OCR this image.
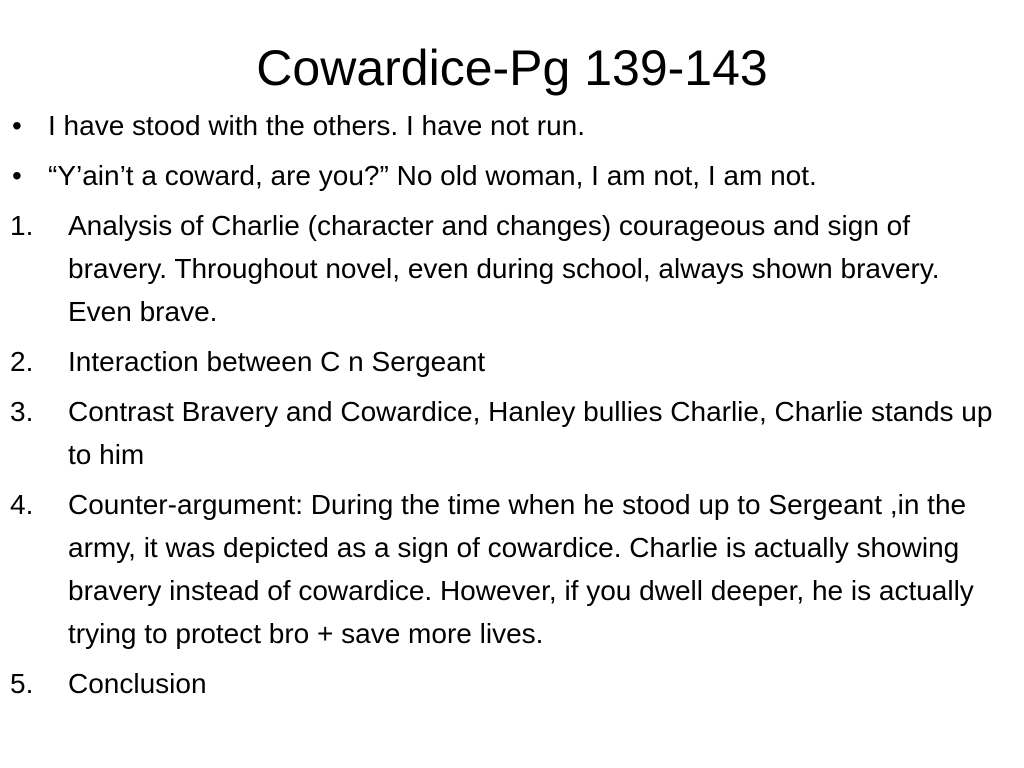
Cowardice-Pg 139-143
• I have stood with the others. I have not run.
• “Y’ain’t a coward, are you?” No old woman, I am not, I am not.
1. Analysis of Charlie (character and changes) courageous and sign of bravery. Throughout novel, even during school, always shown bravery. Even brave.
2. Interaction between C n Sergeant
3. Contrast Bravery and Cowardice, Hanley bullies Charlie, Charlie stands up to him
4. Counter-argument: During the time when he stood up to Sergeant ,in the army, it was depicted as a sign of cowardice. Charlie is actually showing bravery instead of cowardice. However, if you dwell deeper, he is actually trying to protect bro + save more lives.
5. Conclusion
